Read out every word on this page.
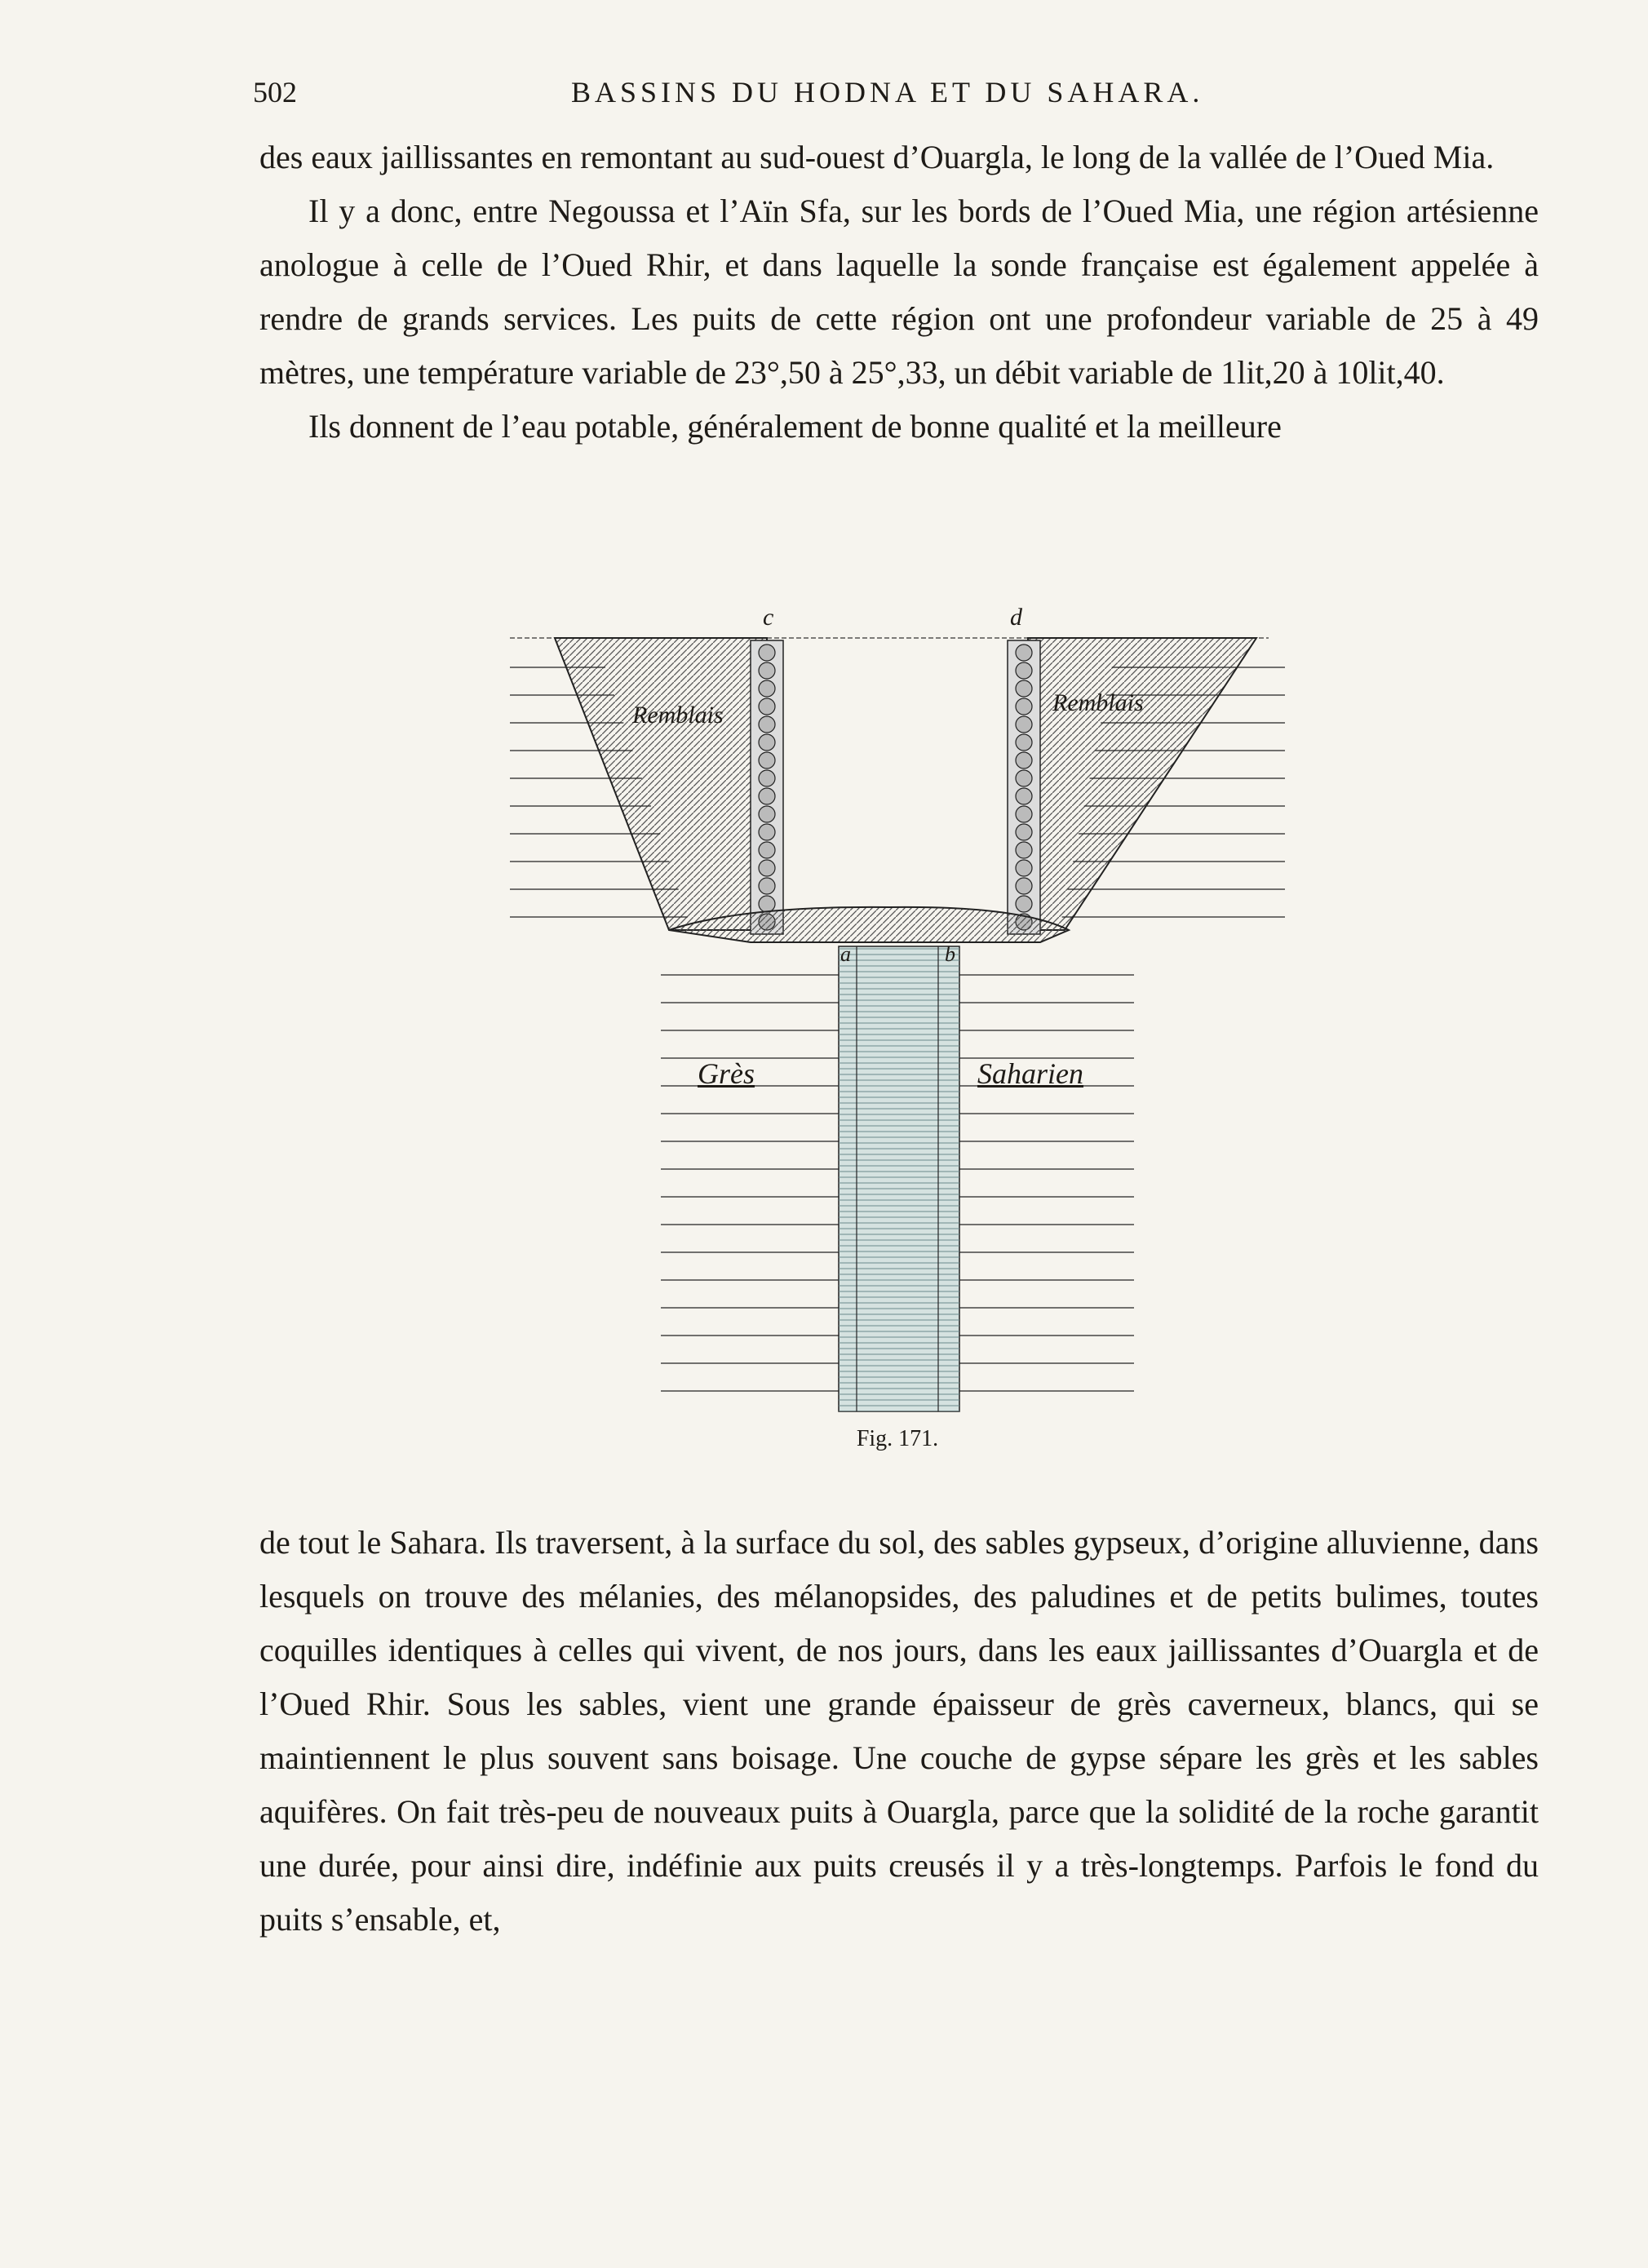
502	BASSINS DU HODNA ET DU SAHARA.

des eaux jaillissantes en remontant au sud-ouest d’Ouargla, le long de la vallée de l’Oued Mia.

Il y a donc, entre Negoussa et l’Aïn Sfa, sur les bords de l’Oued Mia, une région artésienne anologue à celle de l’Oued Rhir, et dans laquelle la sonde française est également appelée à rendre de grands services. Les puits de cette région ont une profondeur variable de 25 à 49 mètres, une température variable de 23°,50 à 25°,33, un débit variable de 1lit,20 à 10lit,40.

Ils donnent de l’eau potable, généralement de bonne qualité et la meilleure

c	d
Remblais	Remblais
a	b
Grès	Saharien
Fig. 171.

de tout le Sahara. Ils traversent, à la surface du sol, des sables gypseux, d’origine alluvienne, dans lesquels on trouve des mélanies, des mélanopsides, des paludines et de petits bulimes, toutes coquilles identiques à celles qui vivent, de nos jours, dans les eaux jaillissantes d’Ouargla et de l’Oued Rhir. Sous les sables, vient une grande épaisseur de grès caverneux, blancs, qui se maintiennent le plus souvent sans boisage. Une couche de gypse sépare les grès et les sables aquifères. On fait très-peu de nouveaux puits à Ouargla, parce que la solidité de la roche garantit une durée, pour ainsi dire, indéfinie aux puits creusés il y a très-longtemps. Parfois le fond du puits s’ensable, et,
